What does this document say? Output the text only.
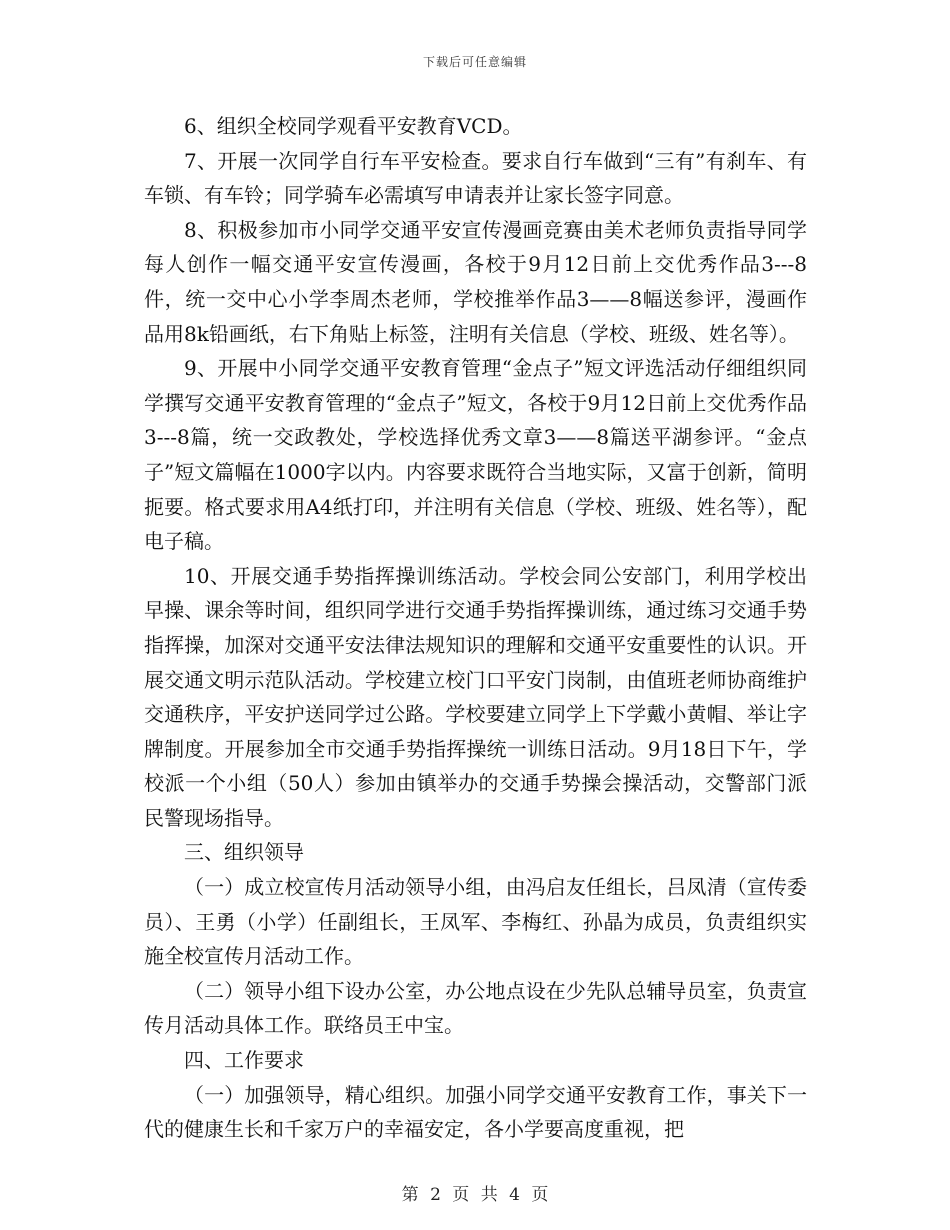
下载后可任意编辑

6、组织全校同学观看平安教育VCD。

7、开展一次同学自行车平安检查。要求自行车做到“三有”有刹车、有车锁、有车铃；同学骑车必需填写申请表并让家长签字同意。

8、积极参加市小同学交通平安宣传漫画竞赛由美术老师负责指导同学每人创作一幅交通平安宣传漫画，各校于9月12日前上交优秀作品3---8件，统一交中心小学李周杰老师，学校推举作品3——8幅送参评，漫画作品用8k铅画纸，右下角贴上标签，注明有关信息（学校、班级、姓名等）。

9、开展中小同学交通平安教育管理“金点子”短文评选活动仔细组织同学撰写交通平安教育管理的“金点子”短文，各校于9月12日前上交优秀作品3---8篇，统一交政教处，学校选择优秀文章3——8篇送平湖参评。“金点子”短文篇幅在1000字以内。内容要求既符合当地实际，又富于创新，简明扼要。格式要求用A4纸打印，并注明有关信息（学校、班级、姓名等），配电子稿。

10、开展交通手势指挥操训练活动。学校会同公安部门，利用学校出早操、课余等时间，组织同学进行交通手势指挥操训练，通过练习交通手势指挥操，加深对交通平安法律法规知识的理解和交通平安重要性的认识。开展交通文明示范队活动。学校建立校门口平安门岗制，由值班老师协商维护交通秩序，平安护送同学过公路。学校要建立同学上下学戴小黄帽、举让字牌制度。开展参加全市交通手势指挥操统一训练日活动。9月18日下午，学校派一个小组（50人）参加由镇举办的交通手势操会操活动，交警部门派民警现场指导。

三、组织领导

（一）成立校宣传月活动领导小组，由冯启友任组长，吕凤清（宣传委员）、王勇（小学）任副组长，王凤军、李梅红、孙晶为成员，负责组织实施全校宣传月活动工作。

（二）领导小组下设办公室，办公地点设在少先队总辅导员室，负责宣传月活动具体工作。联络员王中宝。

四、工作要求

（一）加强领导，精心组织。加强小同学交通平安教育工作，事关下一代的健康生长和千家万户的幸福安定，各小学要高度重视，把

第 2 页 共 4 页
